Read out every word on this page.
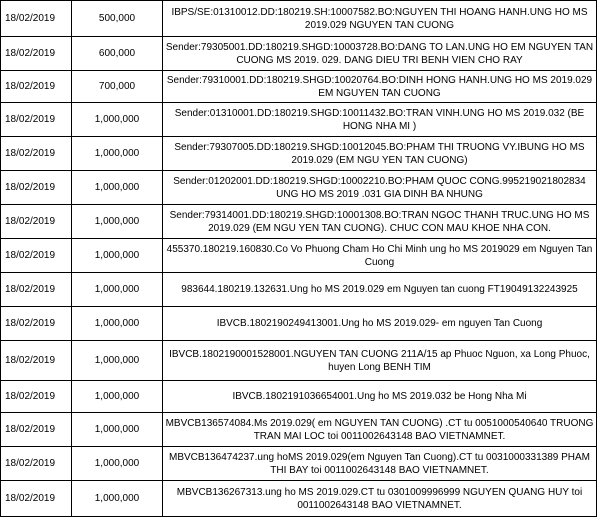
18/02/2019	500,000	IBPS/SE:01310012.DD:180219.SH:10007582.BO:NGUYEN THI HOANG HANH.UNG HO MS 2019.029 NGUYEN TAN CUONG
18/02/2019	600,000	Sender:79305001.DD:180219.SHGD:10003728.BO:DANG TO LAN.UNG HO EM NGUYEN TAN CUONG MS 2019. 029. DANG DIEU TRI BENH VIEN CHO RAY
18/02/2019	700,000	Sender:79310001.DD:180219.SHGD:10020764.BO:DINH HONG HANH.UNG HO MS 2019.029 EM NGUYEN TAN CUONG
18/02/2019	1,000,000	Sender:01310001.DD:180219.SHGD:10011432.BO:TRAN VINH.UNG HO MS 2019.032 (BE HONG NHA MI )
18/02/2019	1,000,000	Sender:79307005.DD:180219.SHGD:10012045.BO:PHAM THI TRUONG VY.IBUNG HO MS 2019.029 (EM NGU YEN TAN CUONG)
18/02/2019	1,000,000	Sender:01202001.DD:180219.SHGD:10002210.BO:PHAM QUOC CONG.995219021802834 UNG HO MS 2019 .031 GIA DINH BA NHUNG
18/02/2019	1,000,000	Sender:79314001.DD:180219.SHGD:10001308.BO:TRAN NGOC THANH TRUC.UNG HO MS 2019.029 (EM NGU YEN TAN CUONG). CHUC CON MAU KHOE NHA CON.
18/02/2019	1,000,000	455370.180219.160830.Co Vo Phuong Cham Ho Chi Minh ung ho MS 2019029 em Nguyen Tan Cuong
18/02/2019	1,000,000	983644.180219.132631.Ung ho MS 2019.029 em Nguyen tan cuong FT19049132243925
18/02/2019	1,000,000	IBVCB.1802190249413001.Ung ho MS 2019.029- em nguyen Tan Cuong
18/02/2019	1,000,000	IBVCB.1802190001528001.NGUYEN TAN CUONG 211A/15 ap Phuoc Nguon, xa Long Phuoc, huyen Long BENH TIM
18/02/2019	1,000,000	IBVCB.1802191036654001.Ung ho MS 2019.032 be Hong Nha Mi
18/02/2019	1,000,000	MBVCB136574084.Ms 2019.029( em NGUYEN TAN CUONG) .CT tu 0051000540640 TRUONG TRAN MAI LOC toi 0011002643148 BAO VIETNAMNET.
18/02/2019	1,000,000	MBVCB136474237.ung hoMS 2019.029(em Nguyen Tan Cuong).CT tu 0031000331389 PHAM THI BAY toi 0011002643148 BAO VIETNAMNET.
18/02/2019	1,000,000	MBVCB136267313.ung ho MS 2019.029.CT tu 0301009996999 NGUYEN QUANG HUY toi 0011002643148 BAO VIETNAMNET.
